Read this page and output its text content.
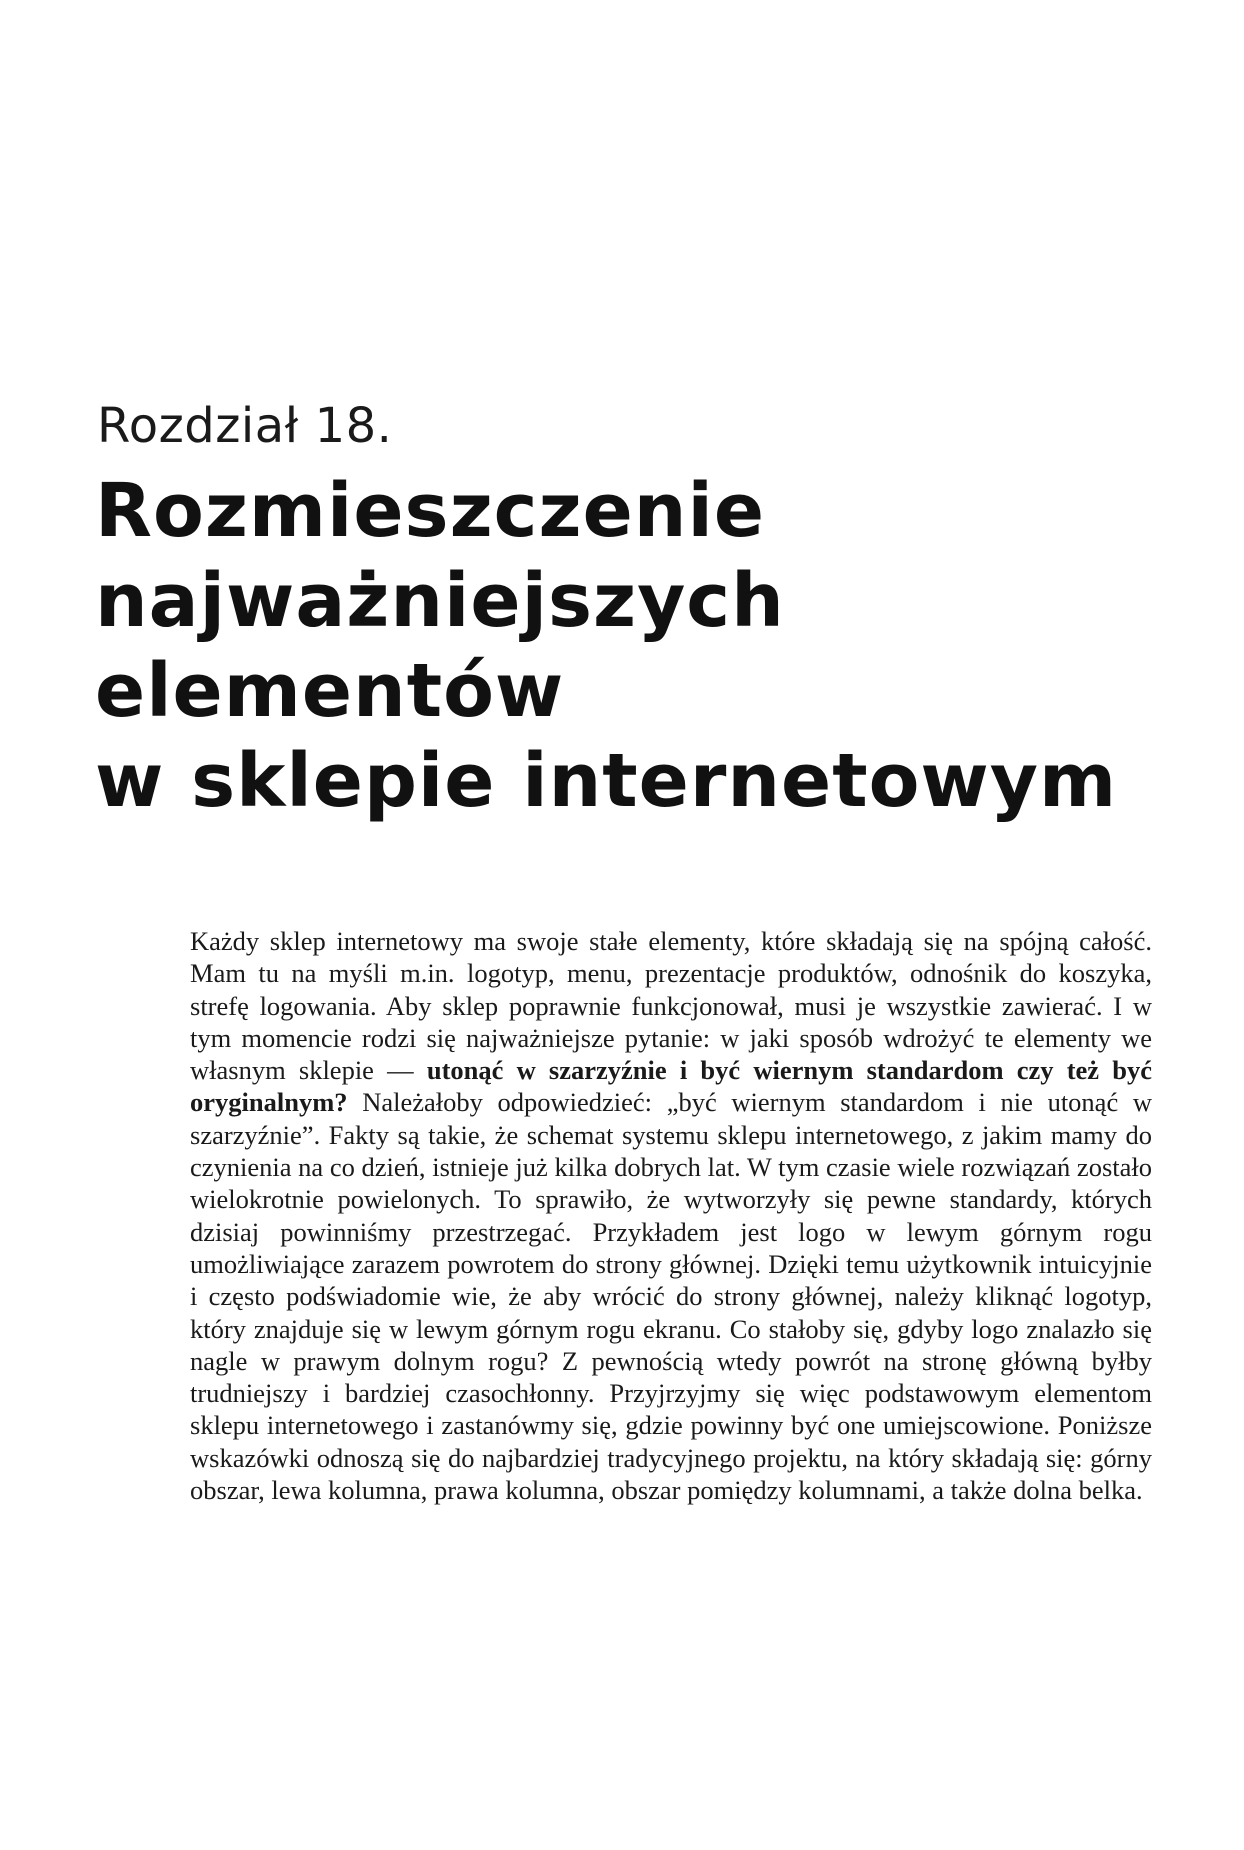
Rozdział 18.

Rozmieszczenie
najważniejszych
elementów
w sklepie internetowym

Każdy sklep internetowy ma swoje stałe elementy, które składają się na spójną całość. Mam tu na myśli m.in. logotyp, menu, prezentacje produktów, odnośnik do koszyka, strefę logowania. Aby sklep poprawnie funkcjonował, musi je wszystkie zawierać. I w tym momencie rodzi się najważniejsze pytanie: w jaki sposób wdrożyć te elementy we własnym sklepie — utonąć w szarzyźnie i być wiernym standardom czy też być oryginalnym? Należałoby odpowiedzieć: „być wiernym standardom i nie utonąć w szarzyźnie”. Fakty są takie, że schemat systemu sklepu internetowego, z jakim mamy do czynienia na co dzień, istnieje już kilka dobrych lat. W tym czasie wiele rozwiązań zostało wielokrotnie powielonych. To sprawiło, że wytworzyły się pewne standardy, których dzisiaj powinniśmy przestrzegać. Przykładem jest logo w lewym górnym rogu umożliwiające zarazem powrotem do strony głównej. Dzięki temu użytkownik intuicyjnie i często podświadomie wie, że aby wrócić do strony głównej, należy kliknąć logotyp, który znajduje się w lewym górnym rogu ekranu. Co stałoby się, gdyby logo znalazło się nagle w prawym dolnym rogu? Z pewnością wtedy powrót na stronę główną byłby trudniejszy i bardziej czasochłonny. Przyjrzyjmy się więc podstawowym elementom sklepu internetowego i zastanówmy się, gdzie powinny być one umiejscowione. Poniższe wskazówki odnoszą się do najbardziej tradycyjnego projektu, na który składają się: górny obszar, lewa kolumna, prawa kolumna, obszar pomiędzy kolumnami, a także dolna belka.
